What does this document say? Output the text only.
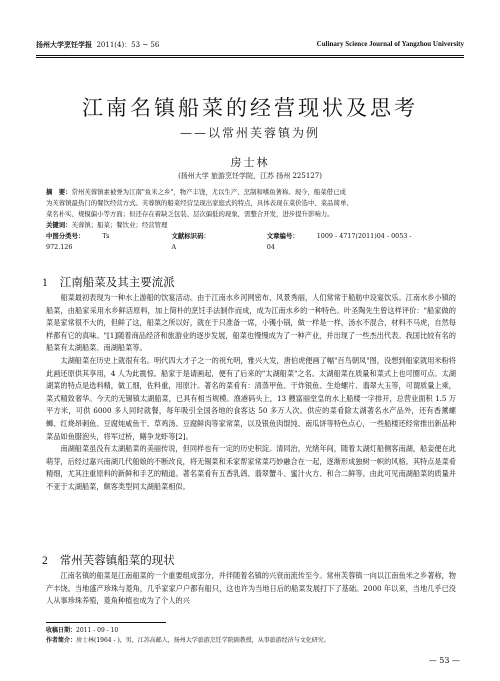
扬州大学烹饪学报 2011(4)：53 ~ 56	Culinary Science Journal of Yangzhou University
江南名镇船菜的经营现状及思考
——以常州芙蓉镇为例
房士林
(扬州大学 旅游烹饪学院，江苏 扬州 225127)

摘　要：常州芙蓉镇素被誉为江南"鱼米之乡"，物产丰饶，尤以生产、烹制和嗜鱼著称。现今，船菜借已成

为芙蓉镇最热门的餐饮经营方式。芙蓉镇的船菜经营呈现出家庭式的特点，具体表现在菜价选中、菜品简单、

菜名朴实、规模偏小等方面；但还存在着缺乏包装、层次偏低的现象，需整合开发，进步提升影响力。

关键词：芙蓉镇；船菜；餐饮业；经营管理

中图分类号：	Ts 972.126
文献标识码：A
文章编号：	1009 - 4717(2011)04 - 0053 - 04

1 江南船菜及其主要流派

船菜最初表现为一种水上游船的饮宴活动。由于江南水乡河网密布、风景秀丽，人们常常于船舫中设宴饮乐。江南水乡小镇的船菜，由船家采用水乡鲜活原料，加上简朴的烹饪手法制作而成，成为江南水乡的一种特色。叶圣陶先生曾这样评价："船家做的菜是家常很不大的，但鲜了这，船菜之所以好，就在于只准备一席，小镬小锅，做一样是一样，汤水不混合，材料不马虎，自然每样都有它的真味。"[1]随着商品经济和旅游业的逐步发展，船菜也慢慢成为了一种产业，并出现了一些杰出代表。我国比较有名的船菜有太湖船菜、南湖船菜等。

太湖船菜在历史上就很有名。明代四大才子之一的祝允明，雅兴大发，唐伯虎便画了幅"百鸟朝凤"图，没想到船家就用米粉将此画还原供其享用，4 人为此震惊。船家于是请画起，便有了后来的"太湖船菜"之名。太湖船菜在质量和菜式上也可圈可点。太湖湖菜的特点是选料精，做工细，佐料重，用原汁。著名的菜肴有：清蒸甲鱼、干炸银鱼、生炝螺片、翡翠大玉等，可谓质量上乘，菜式精致奢华。今天的无锡镇太湖船菜，已具有相当规模。渔港码头上，13 艘富丽堂皇的水上船楼一字排开，总营业面积 1.5 万平方米，可供 6000 多人同时就餐，每年吸引全国各地的食客达 50 多万人次。供应的菜肴除太湖著名水产品外，还有香薰螺蛳、红烧昂刺鱼、豆腐炖咸鱼干、草鸡汤、豆腐鲜肉等家常菜，以及银鱼肉馄饨、南瓜饼等特色点心，一些船楼还经常推出新品种菜品如鱼腊泡头，将军过桥，鳝争龙虾等[2]。

南湖船菜虽没有太湖船菜的美丽传说，但同样也有一定的历史积淀。清同治，光绪年间，随着太湖灯船侧客南湖，船妾便在此萌芽，后经过嘉兴南湖几代船娘的不断改良，将无锡菜和禾家帮家常菜巧妙融合在一起，逐渐形成独树一帜的风格。其特点是菜肴精细，尤其注重原料的新鲜和手艺的精道。著名菜肴有五香乳鸽、翡翠蟹斗、蜜汁火方、和合二鲜等。由此可见南湖船菜的质量并不亚于太湖船菜，颇客类型同太湖船菜相似。

2 常州芙蓉镇船菜的现状

江南名镇的船菜是江南船菜的一个重要组成部分，并伴随着名镇的兴衰而流传至今。常州芙蓉镇一向以江南鱼米之乡著称，物产丰饶。当地盛产珍珠与菱角，几乎家家户户都有船只，这也许为当地日后的船菜发展打下了基础。2000 年以来，当地几乎已没人从事珍珠养殖，菱角种植也成为了个人的兴

收稿日期：2011 - 09 - 10
作者简介：房士林(1964 - )，男，江苏高邮人，扬州大学旅游烹饪学院副教授，从事旅游经济与文化研究。
— 53 —
